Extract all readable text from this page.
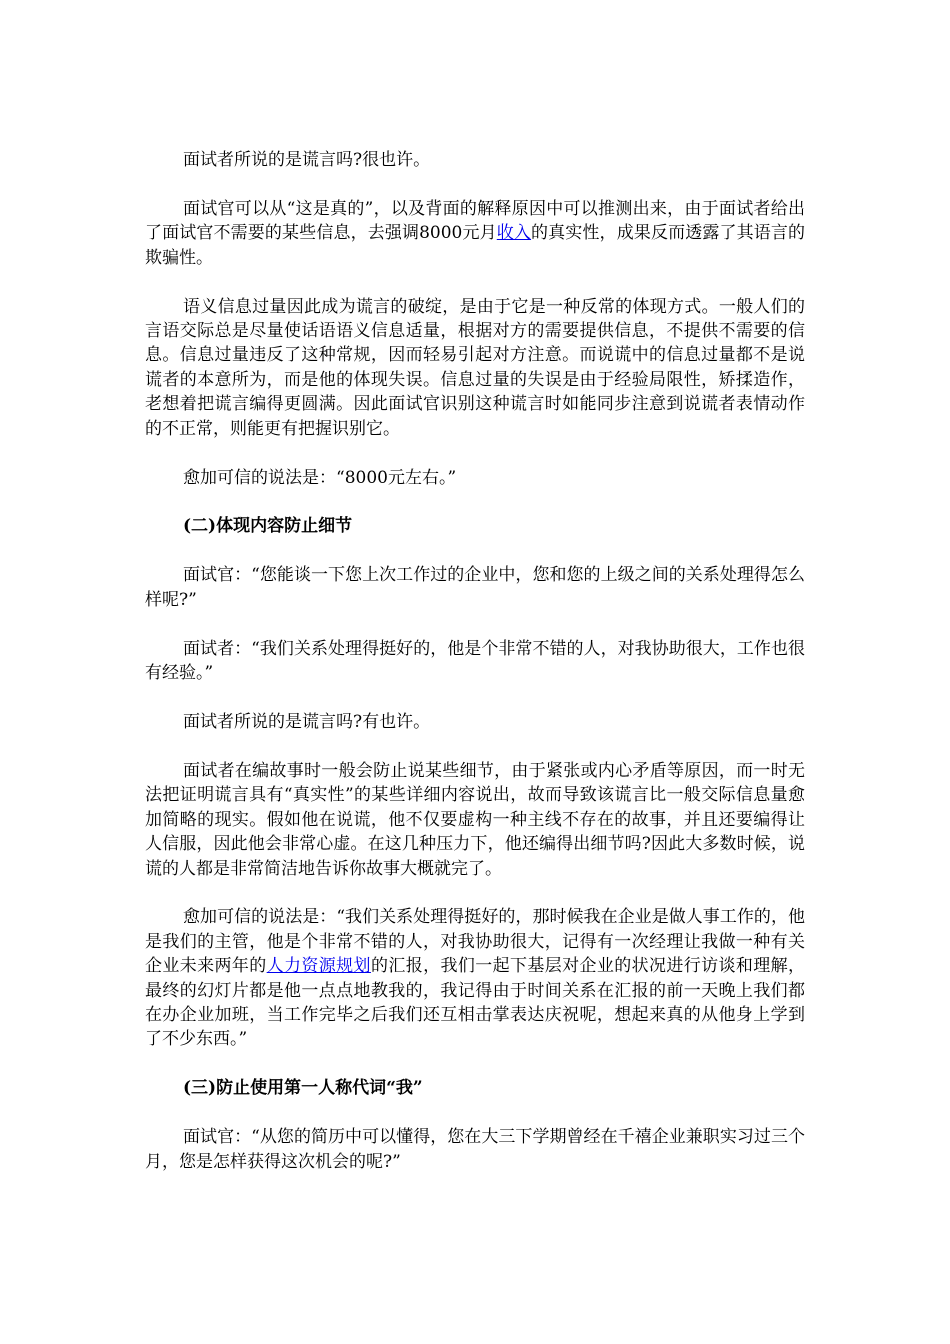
面试者所说的是谎言吗?很也许。

面试官可以从“这是真的”，以及背面的解释原因中可以推测出来，由于面试者给出了面试官不需要的某些信息，去强调8000元月收入的真实性，成果反而透露了其语言的欺骗性。

语义信息过量因此成为谎言的破绽，是由于它是一种反常的体现方式。一般人们的言语交际总是尽量使话语语义信息适量，根据对方的需要提供信息，不提供不需要的信息。信息过量违反了这种常规，因而轻易引起对方注意。而说谎中的信息过量都不是说谎者的本意所为，而是他的体现失误。信息过量的失误是由于经验局限性，矫揉造作，老想着把谎言编得更圆满。因此面试官识别这种谎言时如能同步注意到说谎者表情动作的不正常，则能更有把握识别它。

愈加可信的说法是：“8000元左右。”

(二)体现内容防止细节

面试官：“您能谈一下您上次工作过的企业中，您和您的上级之间的关系处理得怎么样呢?”

面试者：“我们关系处理得挺好的，他是个非常不错的人，对我协助很大，工作也很有经验。”

面试者所说的是谎言吗?有也许。

面试者在编故事时一般会防止说某些细节，由于紧张或内心矛盾等原因，而一时无法把证明谎言具有“真实性”的某些详细内容说出，故而导致该谎言比一般交际信息量愈加简略的现实。假如他在说谎，他不仅要虚构一种主线不存在的故事，并且还要编得让人信服，因此他会非常心虚。在这几种压力下，他还编得出细节吗?因此大多数时候，说谎的人都是非常简洁地告诉你故事大概就完了。

愈加可信的说法是：“我们关系处理得挺好的，那时候我在企业是做人事工作的，他是我们的主管，他是个非常不错的人，对我协助很大，记得有一次经理让我做一种有关企业未来两年的人力资源规划的汇报，我们一起下基层对企业的状况进行访谈和理解，最终的幻灯片都是他一点点地教我的，我记得由于时间关系在汇报的前一天晚上我们都在办企业加班，当工作完毕之后我们还互相击掌表达庆祝呢，想起来真的从他身上学到了不少东西。”

(三)防止使用第一人称代词“我”

面试官：“从您的简历中可以懂得，您在大三下学期曾经在千禧企业兼职实习过三个月，您是怎样获得这次机会的呢?”
